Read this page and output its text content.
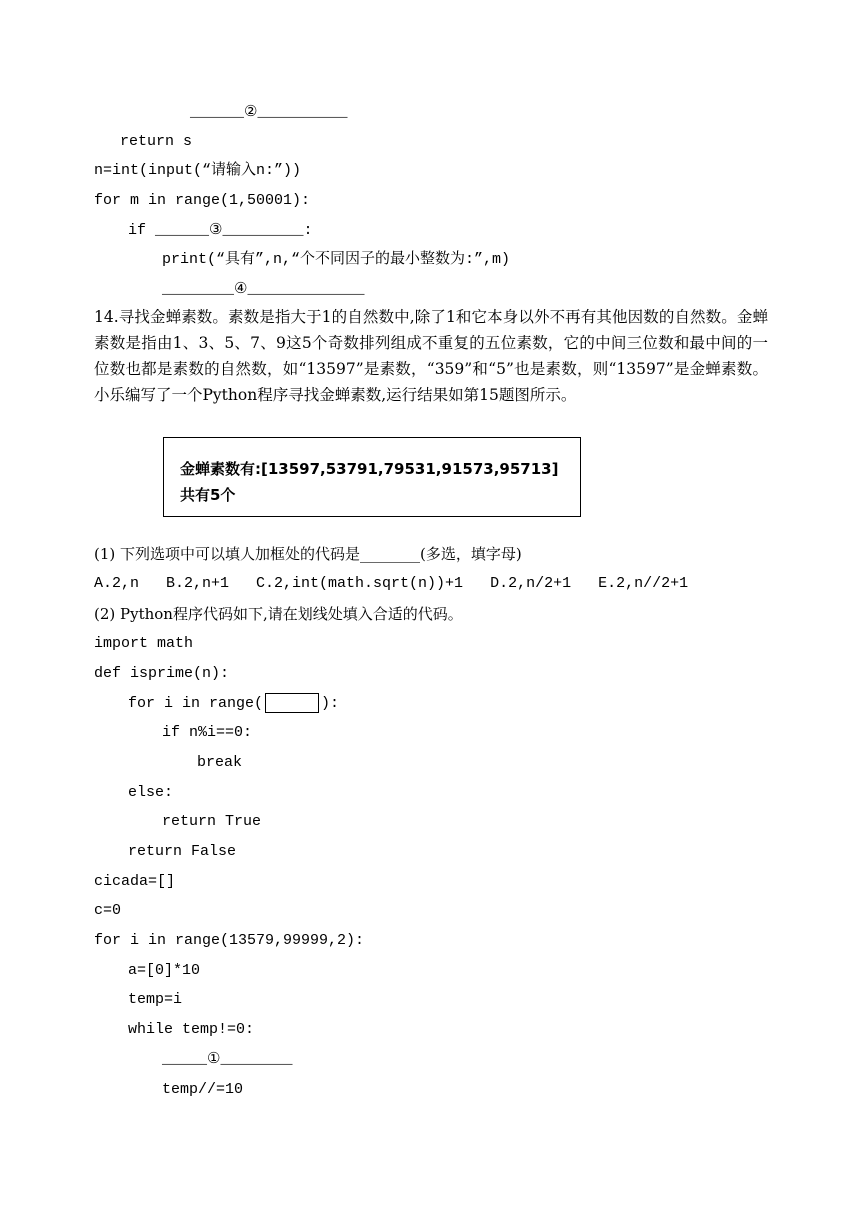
______②__________
return s
n=int(input(“请输入n:”))
for m in range(1,50001):
if ______③_________:
print(“具有”,n,“个不同因子的最小整数为:”,m)
________④_____________
14.寻找金蝉素数。素数是指大于1的自然数中,除了1和它本身以外不再有其他因数的自然数。金蝉素数是指由1、3、5、7、9这5个奇数排列组成不重复的五位素数，它的中间三位数和最中间的一位数也都是素数的自然数，如“13597”是素数，“359”和“5”也是素数，则“13597”是金蝉素数。小乐编写了一个Python程序寻找金蝉素数,运行结果如第15题图所示。
金蝉素数有:[13597,53791,79531,91573,95713]
共有5个
(1) 下列选项中可以填人加框处的代码是________(多选，填字母)
A.2,n   B.2,n+1   C.2,int(math.sqrt(n))+1   D.2,n/2+1   E.2,n//2+1
(2) Python程序代码如下,请在划线处填入合适的代码。
import math
def isprime(n):
for i in range(	):
if n%i==0:
break
else:
return True
return False
cicada=[]
c=0
for i in range(13579,99999,2):
a=[0]*10
temp=i
while temp!=0:
_____①________
temp//=10
